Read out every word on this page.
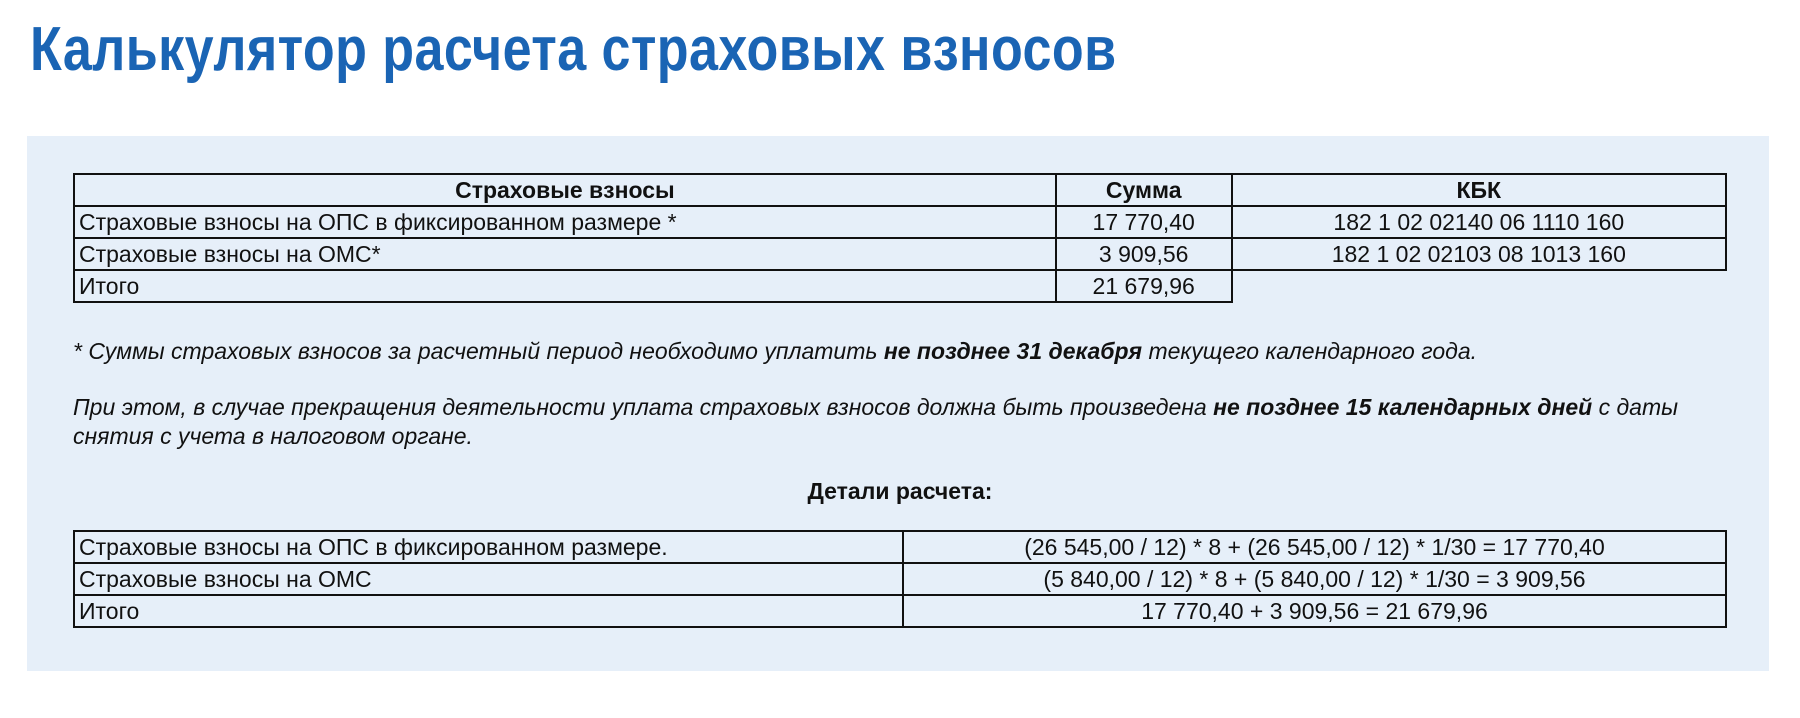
Калькулятор расчета страховых взносов
Страховые взносы	Сумма	КБК
Страховые взносы на ОПС в фиксированном размере *	17 770,40	182 1 02 02140 06 1110 160
Страховые взносы на ОМС*	3 909,56	182 1 02 02103 08 1013 160
Итого	21 679,96	

* Суммы страховых взносов за расчетный период необходимо уплатить не позднее 31 декабря текущего календарного года.

При этом, в случае прекращения деятельности уплата страховых взносов должна быть произведена не позднее 15 календарных дней с даты снятия с учета в налоговом органе.

Детали расчета:
Страховые взносы на ОПС в фиксированном размере.	(26 545,00 / 12) * 8 + (26 545,00 / 12) * 1/30 = 17 770,40
Страховые взносы на ОМС	(5 840,00 / 12) * 8 + (5 840,00 / 12) * 1/30 = 3 909,56
Итого	17 770,40 + 3 909,56 = 21 679,96
